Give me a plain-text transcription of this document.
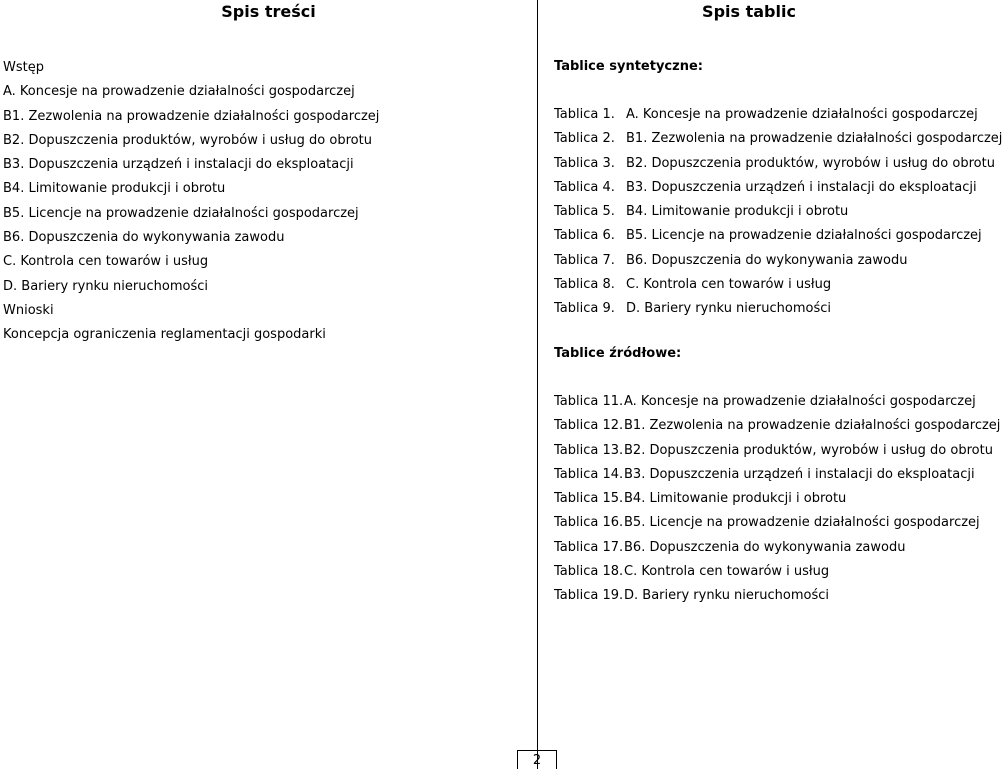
Spis treści	Spis tablic
Wstęp
A. Koncesje na prowadzenie działalności gospodarczej
B1. Zezwolenia na prowadzenie działalności gospodarczej
B2. Dopuszczenia produktów, wyrobów i usług do obrotu
B3. Dopuszczenia urządzeń i instalacji do eksploatacji
B4. Limitowanie produkcji i obrotu
B5. Licencje na prowadzenie działalności gospodarczej
B6. Dopuszczenia do wykonywania zawodu
C. Kontrola cen towarów i usług
D. Bariery rynku nieruchomości
Wnioski
Koncepcja ograniczenia reglamentacji gospodarki
Tablice syntetyczne:
Tablica 1. A. Koncesje na prowadzenie działalności gospodarczej
Tablica 2. B1. Zezwolenia na prowadzenie działalności gospodarczej
Tablica 3. B2. Dopuszczenia produktów, wyrobów i usług do obrotu
Tablica 4. B3. Dopuszczenia urządzeń i instalacji do eksploatacji
Tablica 5. B4. Limitowanie produkcji i obrotu
Tablica 6. B5. Licencje na prowadzenie działalności gospodarczej
Tablica 7. B6. Dopuszczenia do wykonywania zawodu
Tablica 8. C. Kontrola cen towarów i usług
Tablica 9. D. Bariery rynku nieruchomości
Tablice źródłowe:
Tablica 11.A. Koncesje na prowadzenie działalności gospodarczej
Tablica 12.B1. Zezwolenia na prowadzenie działalności gospodarczej
Tablica 13.B2. Dopuszczenia produktów, wyrobów i usług do obrotu
Tablica 14.B3. Dopuszczenia urządzeń i instalacji do eksploatacji
Tablica 15.B4. Limitowanie produkcji i obrotu
Tablica 16.B5. Licencje na prowadzenie działalności gospodarczej
Tablica 17.B6. Dopuszczenia do wykonywania zawodu
Tablica 18.C. Kontrola cen towarów i usług
Tablica 19.D. Bariery rynku nieruchomości
2
